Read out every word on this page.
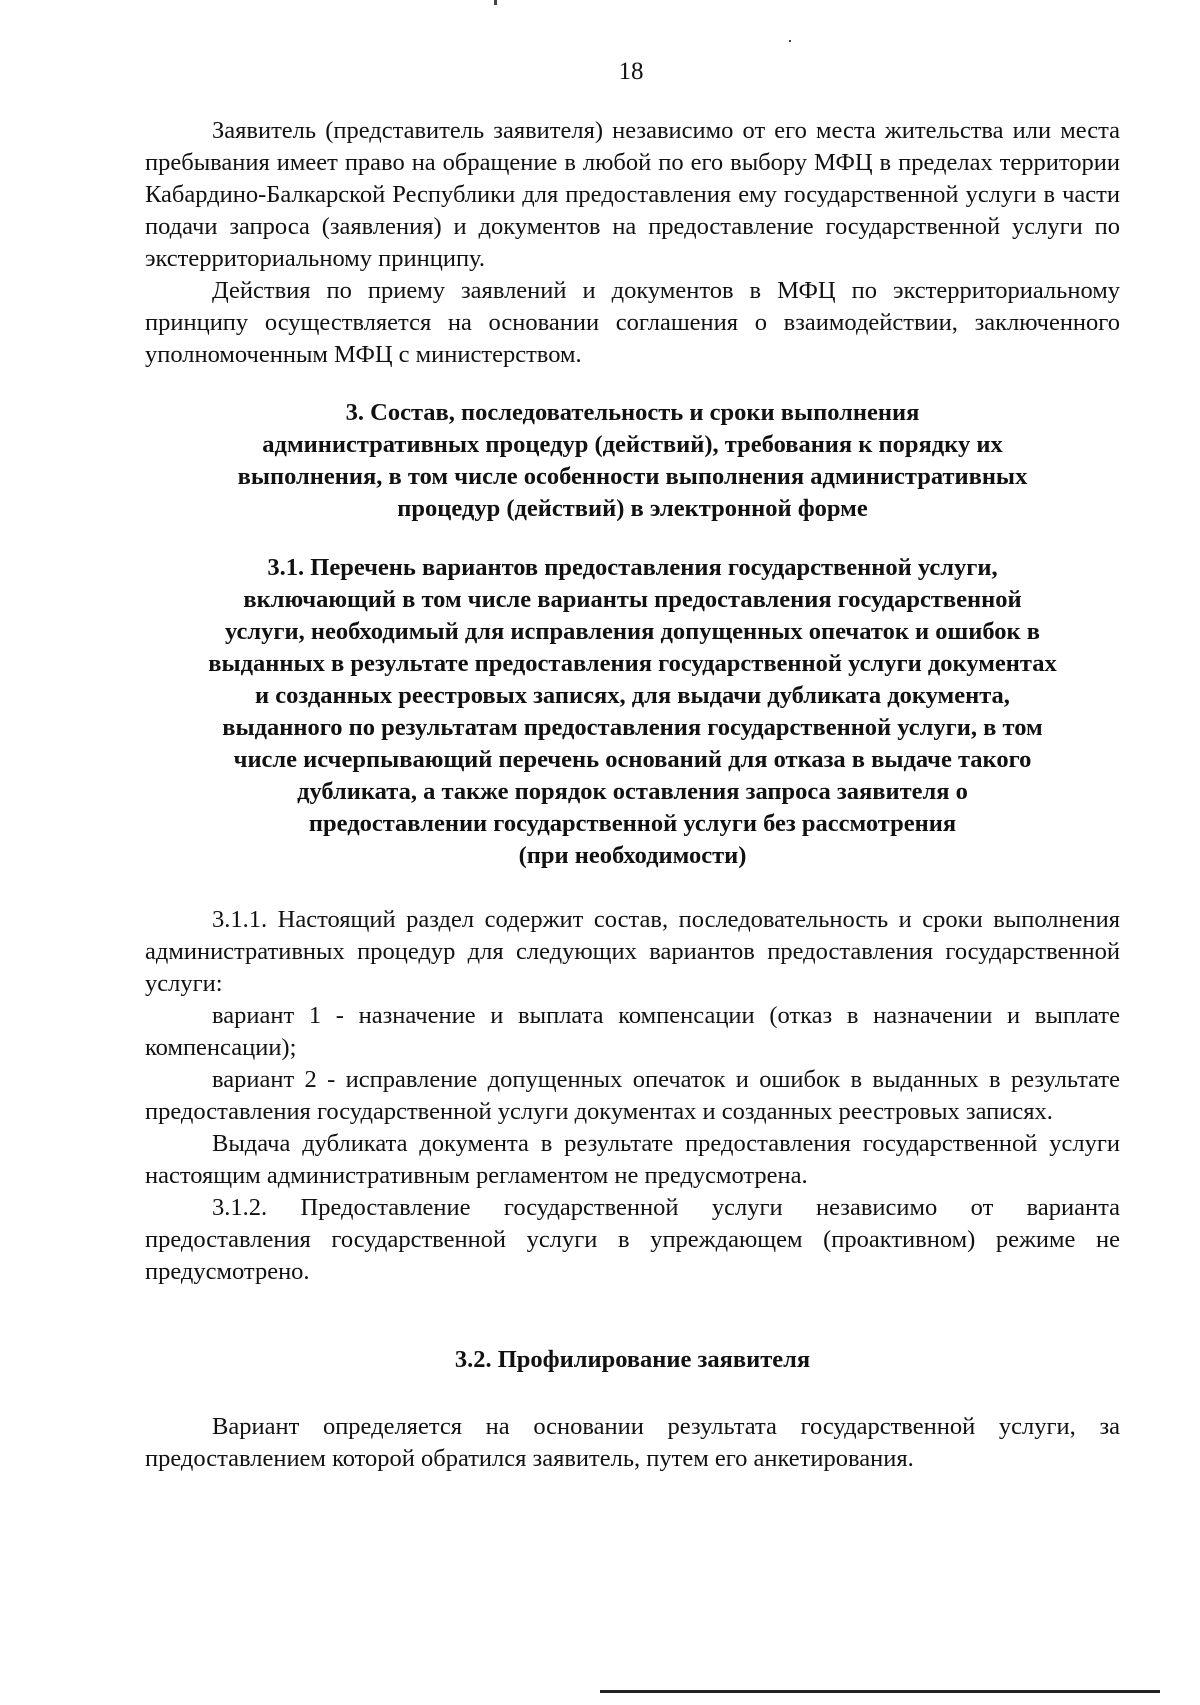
18

Заявитель (представитель заявителя) независимо от его места жительства или места пребывания имеет право на обращение в любой по его выбору МФЦ в пределах территории Кабардино-Балкарской Республики для предоставления ему государственной услуги в части подачи запроса (заявления) и документов на предоставление государственной услуги по экстерриториальному принципу.

Действия по приему заявлений и документов в МФЦ по экстерриториальному принципу осуществляется на основании соглашения о взаимодействии, заключенного уполномоченным МФЦ с министерством.

3. Состав, последовательность и сроки выполнения
административных процедур (действий), требования к порядку их
выполнения, в том числе особенности выполнения административных
процедур (действий) в электронной форме
3.1. Перечень вариантов предоставления государственной услуги,
включающий в том числе варианты предоставления государственной
услуги, необходимый для исправления допущенных опечаток и ошибок в
выданных в результате предоставления государственной услуги документах
и созданных реестровых записях, для выдачи дубликата документа,
выданного по результатам предоставления государственной услуги, в том
числе исчерпывающий перечень оснований для отказа в выдаче такого
дубликата, а также порядок оставления запроса заявителя о
предоставлении государственной услуги без рассмотрения
(при необходимости)

3.1.1. Настоящий раздел содержит состав, последовательность и сроки выполнения административных процедур для следующих вариантов предоставления государственной услуги:

вариант 1 - назначение и выплата компенсации (отказ в назначении и выплате компенсации);

вариант 2 - исправление допущенных опечаток и ошибок в выданных в результате предоставления государственной услуги документах и созданных реестровых записях.

Выдача дубликата документа в результате предоставления государственной услуги настоящим административным регламентом не предусмотрена.

3.1.2. Предоставление государственной услуги независимо от варианта предоставления государственной услуги в упреждающем (проактивном) режиме не предусмотрено.

3.2. Профилирование заявителя

Вариант определяется на основании результата государственной услуги, за предоставлением которой обратился заявитель, путем его анкетирования.
